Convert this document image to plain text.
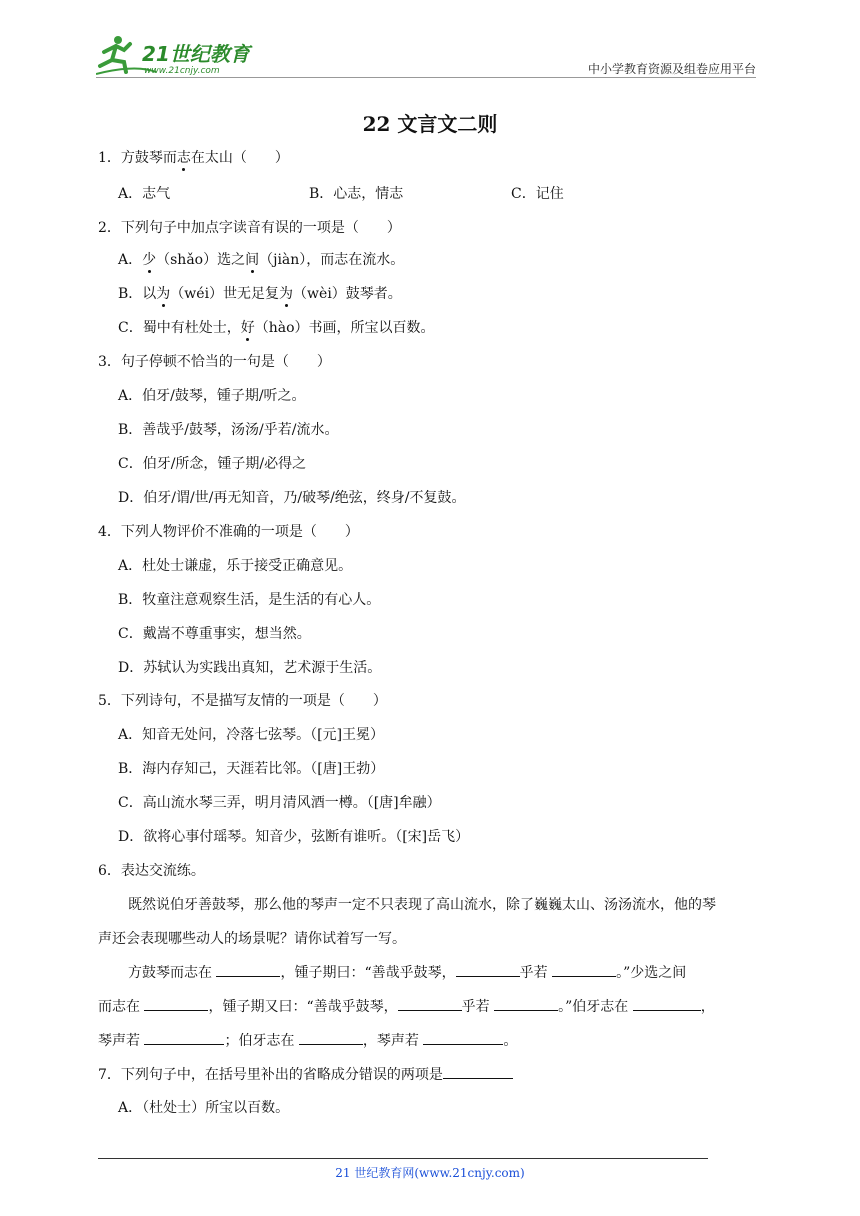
21世纪教育
www.21cnjy.com	中小学教育资源及组卷应用平台
22 文言文二则
1．方鼓琴而志在太山（　　）
A．志气	B．心志，情志	C．记住
2．下列句子中加点字读音有误的一项是（　　）
A．少（shǎo）选之间（jiàn），而志在流水。
B．以为（wéi）世无足复为（wèi）鼓琴者。
C．蜀中有杜处士，好（hào）书画，所宝以百数。
3．句子停顿不恰当的一句是（　　）
A．伯牙/鼓琴，锺子期/听之。
B．善哉乎/鼓琴，汤汤/乎若/流水。
C．伯牙/所念，锺子期/必得之
D．伯牙/谓/世/再无知音，乃/破琴/绝弦，终身/不复鼓。
4．下列人物评价不准确的一项是（　　）
A．杜处士谦虚，乐于接受正确意见。
B．牧童注意观察生活，是生活的有心人。
C．戴嵩不尊重事实，想当然。
D．苏轼认为实践出真知，艺术源于生活。
5．下列诗句，不是描写友情的一项是（　　）
A．知音无处问，冷落七弦琴。（[元]王冕）
B．海内存知己，天涯若比邻。（[唐]王勃）
C．高山流水琴三弄，明月清风酒一樽。（[唐]牟融）
D．欲将心事付瑶琴。知音少，弦断有谁听。（[宋]岳飞）
6．表达交流练。
既然说伯牙善鼓琴，那么他的琴声一定不只表现了高山流水，除了巍巍太山、汤汤流水，他的琴
声还会表现哪些动人的场景呢？请你试着写一写。
方鼓琴而志在	，锺子期曰：“善哉乎鼓琴，	乎若	。”少选之间
而志在	，锺子期又曰：“善哉乎鼓琴，	乎若	。”伯牙志在	，
琴声若	；伯牙志在	，琴声若	。
7．下列句子中，在括号里补出的省略成分错误的两项是
A．（杜处士）所宝以百数。
21 世纪教育网(www.21cnjy.com)
